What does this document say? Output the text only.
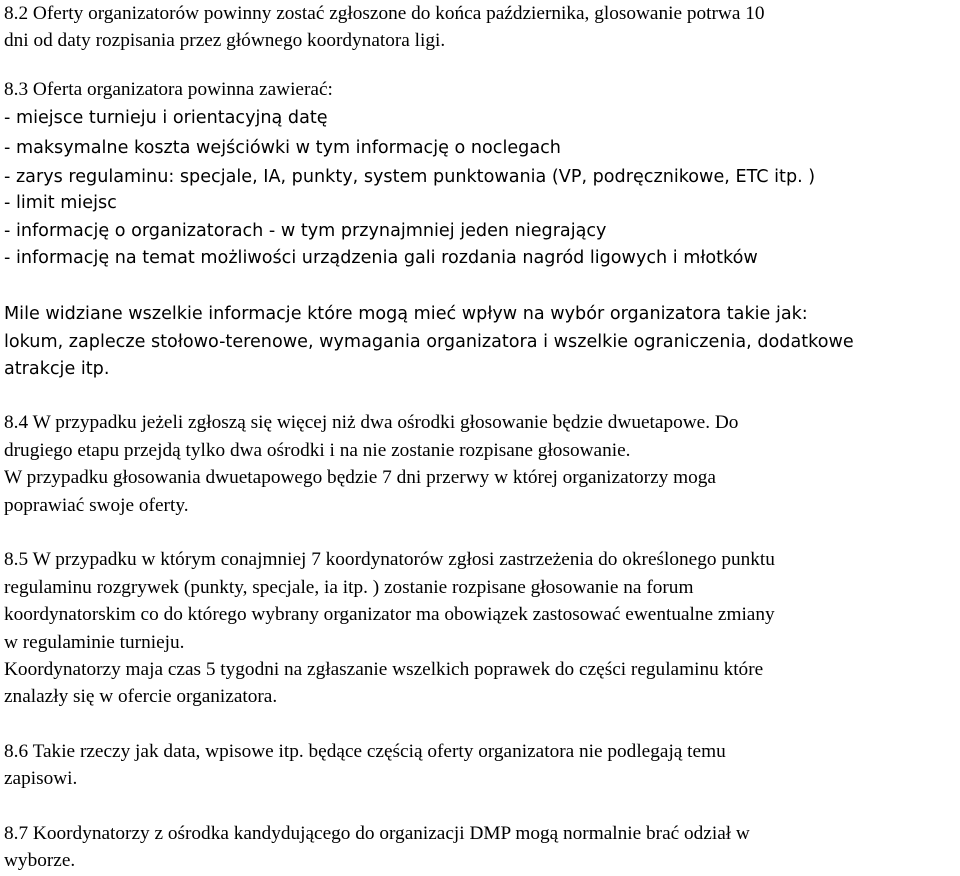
8.2 Oferty organizatorów powinny zostać zgłoszone do końca października, glosowanie potrwa 10
dni od daty rozpisania przez głównego koordynatora ligi.
8.3 Oferta organizatora powinna zawierać:
- miejsce turnieju i orientacyjną datę
- maksymalne koszta wejściówki w tym informację o noclegach
- zarys regulaminu: specjale, IA, punkty, system punktowania (VP, podręcznikowe, ETC itp. )
- limit miejsc
- informację o organizatorach - w tym przynajmniej jeden niegrający
- informację na temat możliwości urządzenia gali rozdania nagród ligowych i młotków
Mile widziane wszelkie informacje które mogą mieć wpływ na wybór organizatora takie jak:
lokum, zaplecze stołowo-terenowe, wymagania organizatora i wszelkie ograniczenia, dodatkowe
atrakcje itp.
8.4 W przypadku jeżeli zgłoszą się więcej niż dwa ośrodki głosowanie będzie dwuetapowe. Do
drugiego etapu przejdą tylko dwa ośrodki i na nie zostanie rozpisane głosowanie.
W przypadku głosowania dwuetapowego będzie 7 dni przerwy w której organizatorzy moga
poprawiać swoje oferty.
8.5 W przypadku w którym conajmniej 7 koordynatorów zgłosi zastrzeżenia do określonego punktu
regulaminu rozgrywek (punkty, specjale, ia itp. ) zostanie rozpisane głosowanie na forum
koordynatorskim co do którego wybrany organizator ma obowiązek zastosować ewentualne zmiany
w regulaminie turnieju.
Koordynatorzy maja czas 5 tygodni na zgłaszanie wszelkich poprawek do części regulaminu które
znalazły się w ofercie organizatora.
8.6 Takie rzeczy jak data, wpisowe itp. będące częścią oferty organizatora nie podlegają temu
zapisowi.
8.7 Koordynatorzy z ośrodka kandydującego do organizacji DMP mogą normalnie brać odział w
wyborze.
